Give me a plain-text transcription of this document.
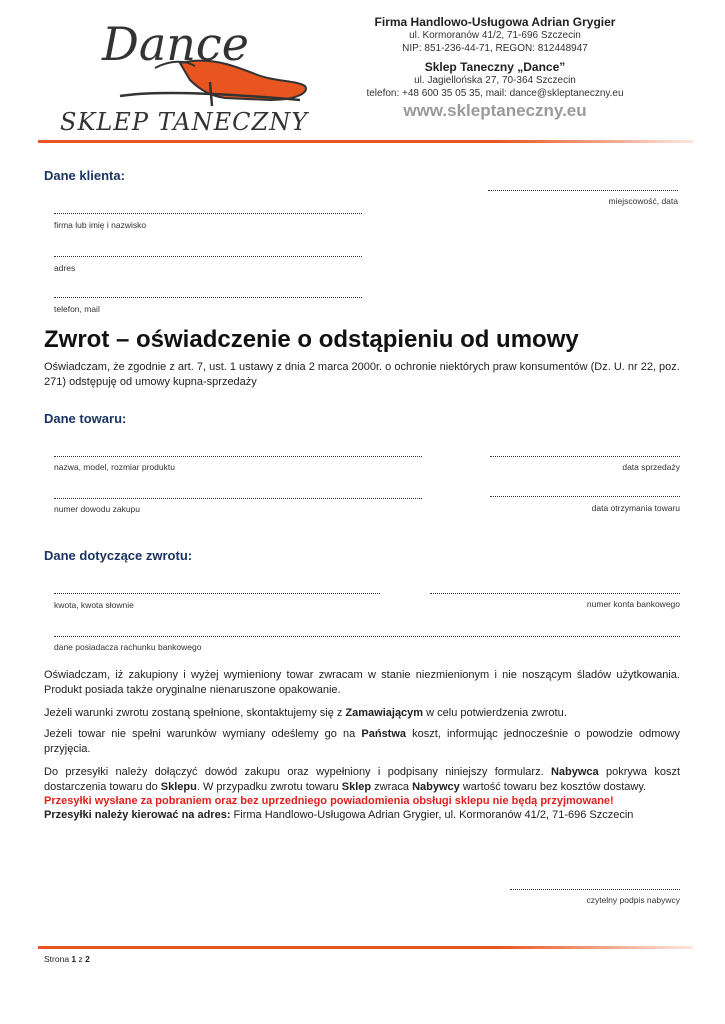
Dance
SKLEP TANECZNY
Firma Handlowo-Usługowa Adrian Grygier
ul. Kormoranów 41/2, 71-696 Szczecin
NIP: 851-236-44-71, REGON: 812448947
Sklep Taneczny „Dance”
ul. Jagiellońska 27, 70-364 Szczecin
telefon: +48 600 35 05 35, mail: dance@skleptaneczny.eu
www.skleptaneczny.eu
Dane klienta:
miejscowość, data
firma lub imię i nazwisko
adres
telefon, mail
Zwrot – oświadczenie o odstąpieniu od umowy
Oświadczam, że zgodnie z art. 7, ust. 1 ustawy z dnia 2 marca 2000r. o ochronie niektórych praw konsumentów (Dz. U. nr 22, poz. 271) odstępuję od umowy kupna-sprzedaży
Dane towaru:
nazwa, model, rozmiar produktu	data sprzedaży
numer dowodu zakupu	data otrzymania towaru
Dane dotyczące zwrotu:
kwota, kwota słownie	numer konta bankowego
dane posiadacza rachunku bankowego
Oświadczam, iż zakupiony i wyżej wymieniony towar zwracam w stanie niezmienionym i nie noszącym śladów użytkowania. Produkt posiada także oryginalne nienaruszone opakowanie.
Jeżeli warunki zwrotu zostaną spełnione, skontaktujemy się z Zamawiającym w celu potwierdzenia zwrotu.
Jeżeli towar nie spełni warunków wymiany odeślemy go na Państwa koszt, informując jednocześnie o powodzie odmowy przyjęcia.
Do przesyłki należy dołączyć dowód zakupu oraz wypełniony i podpisany niniejszy formularz. Nabywca pokrywa koszt dostarczenia towaru do Sklepu. W przypadku zwrotu towaru Sklep zwraca Nabywcy wartość towaru bez kosztów dostawy.
Przesyłki wysłane za pobraniem oraz bez uprzedniego powiadomienia obsługi sklepu nie będą przyjmowane!
Przesyłki należy kierować na adres: Firma Handlowo-Usługowa Adrian Grygier, ul. Kormoranów 41/2, 71-696 Szczecin
czytelny podpis nabywcy
Strona 1 z 2
